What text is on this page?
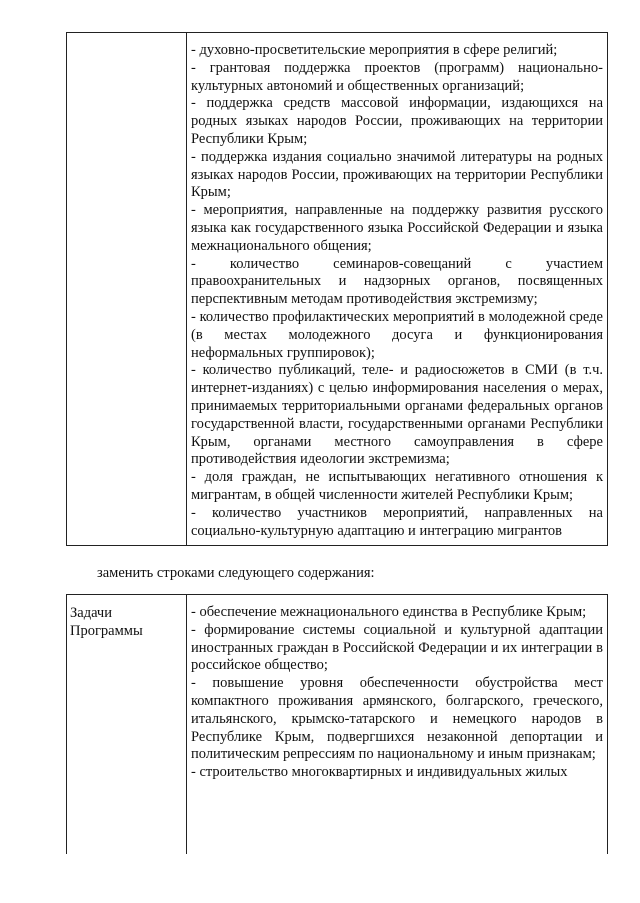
- духовно-просветительские мероприятия в сфере религий;

- грантовая поддержка проектов (программ) национально-культурных автономий и общественных организаций;

- поддержка средств массовой информации, издающихся на родных языках народов России, проживающих на территории Республики Крым;

- поддержка издания социально значимой литературы на родных языках народов России, проживающих на территории Республики Крым;

- мероприятия, направленные на поддержку развития русского языка как государственного языка Российской Федерации и языка межнационального общения;

- количество семинаров-совещаний с участием правоохранительных и надзорных органов, посвященных перспективным методам противодействия экстремизму;

- количество профилактических мероприятий в молодежной среде (в местах молодежного досуга и функционирования неформальных группировок);

- количество публикаций, теле- и радиосюжетов в СМИ (в т.ч. интернет-изданиях) с целью информирования населения о мерах, принимаемых территориальными органами федеральных органов государственной власти, государственными органами Республики Крым, органами местного самоуправления в сфере противодействия идеологии экстремизма;

- доля граждан, не испытывающих негативного отношения к мигрантам, в общей численности жителей Республики Крым;

- количество участников мероприятий, направленных на социально-культурную адаптацию и интеграцию мигрантов

заменить строками следующего содержания:
Задачи Программы

- обеспечение межнационального единства в Республике Крым;

- формирование системы социальной и культурной адаптации иностранных граждан в Российской Федерации и их интеграции в российское общество;

- повышение уровня обеспеченности обустройства мест компактного проживания армянского, болгарского, греческого, итальянского, крымско-татарского и немецкого народов в Республике Крым, подвергшихся незаконной депортации и политическим репрессиям по национальному и иным признакам;

- строительство многоквартирных и индивидуальных жилых
